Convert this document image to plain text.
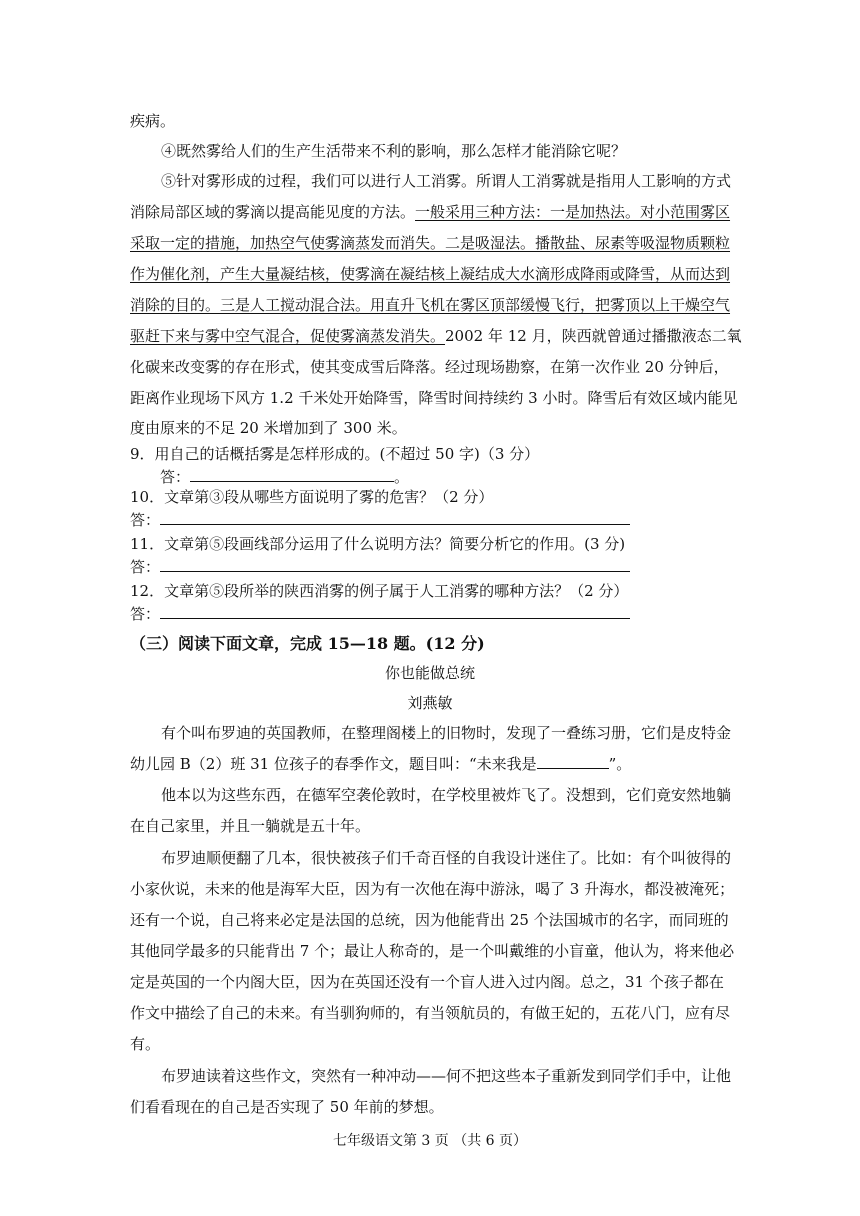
疾病。
④既然雾给人们的生产生活带来不利的影响，那么怎样才能消除它呢？
⑤针对雾形成的过程，我们可以进行人工消雾。所谓人工消雾就是指用人工影响的方式
消除局部区域的雾滴以提高能见度的方法。一般采用三种方法：一是加热法。对小范围雾区
采取一定的措施，加热空气使雾滴蒸发而消失。二是吸湿法。播散盐、尿素等吸湿物质颗粒
作为催化剂，产生大量凝结核，使雾滴在凝结核上凝结成大水滴形成降雨或降雪，从而达到
消除的目的。三是人工搅动混合法。用直升飞机在雾区顶部缓慢飞行，把雾顶以上干燥空气
驱赶下来与雾中空气混合，促使雾滴蒸发消失。2002 年 12 月，陕西就曾通过播撒液态二氧
化碳来改变雾的存在形式，使其变成雪后降落。经过现场勘察，在第一次作业 20 分钟后，
距离作业现场下风方 1.2 千米处开始降雪，降雪时间持续约 3 小时。降雪后有效区域内能见
度由原来的不足 20 米增加到了 300 米。
9．用自己的话概括雾是怎样形成的。(不超过 50 字)（3 分）
答：	。
10．文章第③段从哪些方面说明了雾的危害？（2 分）
答：
11．文章第⑤段画线部分运用了什么说明方法？简要分析它的作用。(3 分)
答：
12．文章第⑤段所举的陕西消雾的例子属于人工消雾的哪种方法？（2 分）
答：
（三）阅读下面文章，完成 15—18 题。(12 分)
你也能做总统
刘燕敏
有个叫布罗迪的英国教师，在整理阁楼上的旧物时，发现了一叠练习册，它们是皮特金
幼儿园 B（2）班 31 位孩子的春季作文，题目叫：“未来我是	”。
他本以为这些东西，在德军空袭伦敦时，在学校里被炸飞了。没想到，它们竟安然地躺
在自己家里，并且一躺就是五十年。
布罗迪顺便翻了几本，很快被孩子们千奇百怪的自我设计迷住了。比如：有个叫彼得的
小家伙说，未来的他是海军大臣，因为有一次他在海中游泳，喝了 3 升海水，都没被淹死；
还有一个说，自己将来必定是法国的总统，因为他能背出 25 个法国城市的名字，而同班的
其他同学最多的只能背出 7 个；最让人称奇的，是一个叫戴维的小盲童，他认为，将来他必
定是英国的一个内阁大臣，因为在英国还没有一个盲人进入过内阁。总之，31 个孩子都在
作文中描绘了自己的未来。有当驯狗师的，有当领航员的，有做王妃的，五花八门，应有尽
有。
布罗迪读着这些作文，突然有一种冲动——何不把这些本子重新发到同学们手中，让他
们看看现在的自己是否实现了 50 年前的梦想。
七年级语文第 3 页 （共 6 页）
